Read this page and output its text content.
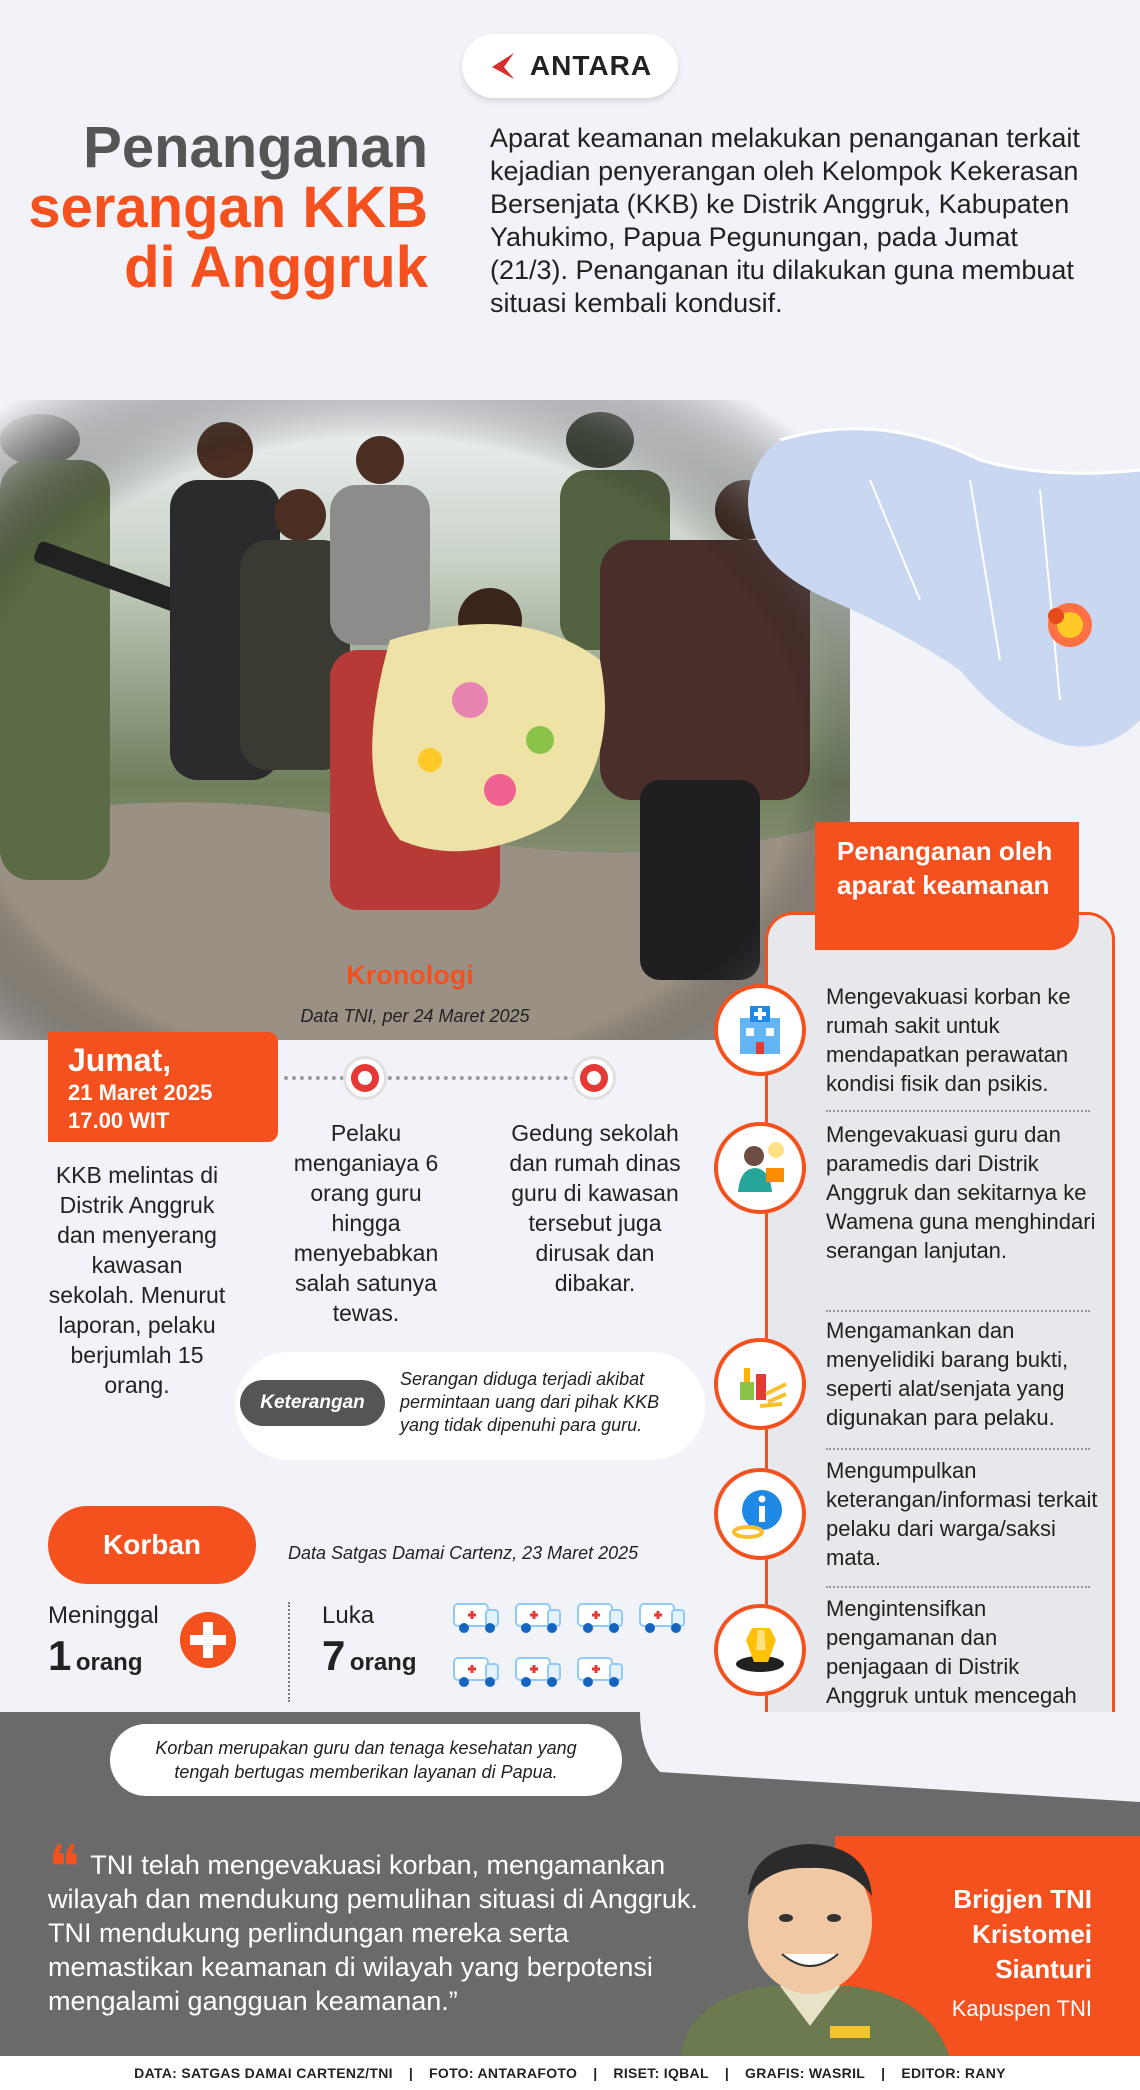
ANTARA
Penanganan
serangan KKB
di Anggruk
Aparat keamanan melakukan penanganan terkait kejadian penyerangan oleh Kelompok Kekerasan Bersenjata (KKB) ke Distrik Anggruk, Kabupaten Yahukimo, Papua Pegunungan, pada Jumat (21/3). Penanganan itu dilakukan guna membuat situasi kembali kondusif.
Penanganan oleh aparat keamanan
Mengevakuasi korban ke rumah sakit untuk mendapatkan perawatan kondisi fisik dan psikis.
Mengevakuasi guru dan paramedis dari Distrik Anggruk dan sekitarnya ke Wamena guna menghindari serangan lanjutan.
Mengamankan dan menyelidiki barang bukti, seperti alat/senjata yang digunakan para pelaku.
Mengumpulkan keterangan/informasi terkait pelaku dari warga/saksi mata.
Mengintensifkan pengamanan dan penjagaan di Distrik Anggruk untuk mencegah
Kronologi
Data TNI, per 24 Maret 2025
Jumat,
21 Maret 2025
17.00 WIT
KKB melintas di Distrik Anggruk dan menyerang kawasan sekolah. Menurut laporan, pelaku berjumlah 15 orang.
Pelaku menganiaya 6 orang guru hingga menyebabkan salah satunya tewas.
Gedung sekolah dan rumah dinas guru di kawasan tersebut juga dirusak dan dibakar.
Keterangan
Serangan diduga terjadi akibat permintaan uang dari pihak KKB yang tidak dipenuhi para guru.
Korban	Data Satgas Damai Cartenz, 23 Maret 2025
Meninggal
1 orang
Luka
7 orang
Korban merupakan guru dan tenaga kesehatan yang tengah bertugas memberikan layanan di Papua.
❝ TNI telah mengevakuasi korban, mengamankan wilayah dan mendukung pemulihan situasi di Anggruk. TNI mendukung perlindungan mereka serta memastikan keamanan di wilayah yang berpotensi mengalami gangguan keamanan.”
Brigjen TNI
Kristomei
Sianturi
Kapuspen TNI
DATA: SATGAS DAMAI CARTENZ/TNI | FOTO: ANTARAFOTO | RISET: IQBAL | GRAFIS: WASRIL | EDITOR: RANY
